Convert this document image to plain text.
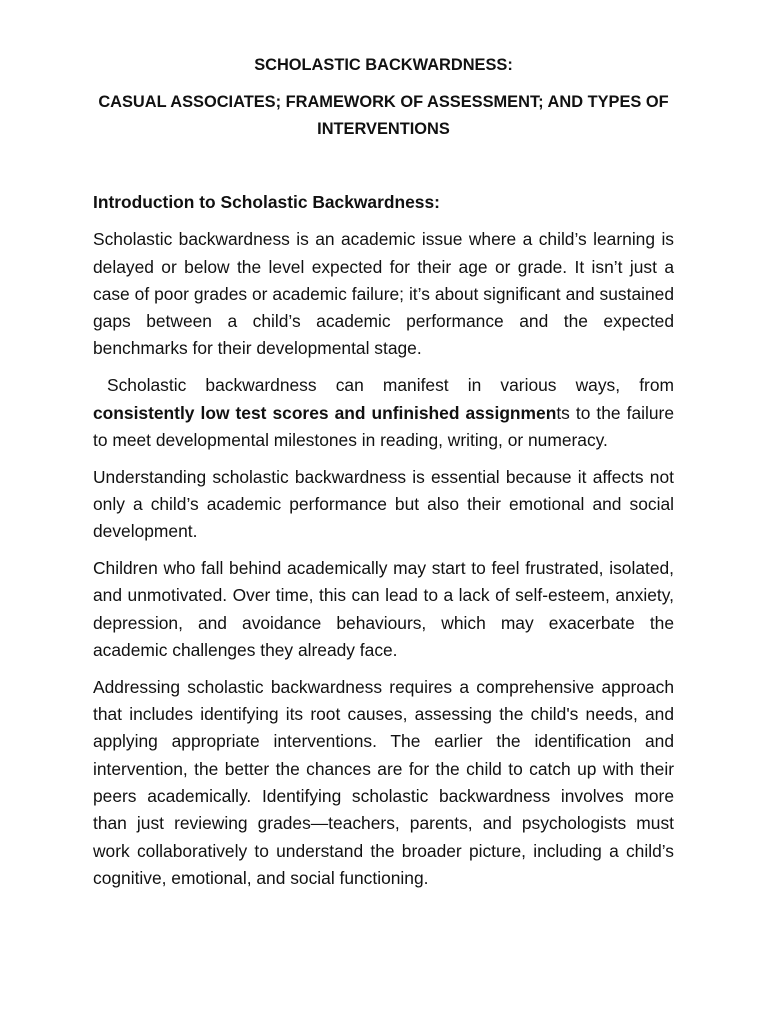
SCHOLASTIC BACKWARDNESS:
CASUAL ASSOCIATES; FRAMEWORK OF ASSESSMENT; AND TYPES OF INTERVENTIONS
Introduction to Scholastic Backwardness:

Scholastic backwardness is an academic issue where a child’s learning is delayed or below the level expected for their age or grade. It isn’t just a case of poor grades or academic failure; it’s about significant and sustained gaps between a child’s academic performance and the expected benchmarks for their developmental stage.

Scholastic backwardness can manifest in various ways, from consistently low test scores and unfinished assignments to the failure to meet developmental milestones in reading, writing, or numeracy.

Understanding scholastic backwardness is essential because it affects not only a child’s academic performance but also their emotional and social development.

Children who fall behind academically may start to feel frustrated, isolated, and unmotivated. Over time, this can lead to a lack of self-esteem, anxiety, depression, and avoidance behaviours, which may exacerbate the academic challenges they already face.

Addressing scholastic backwardness requires a comprehensive approach that includes identifying its root causes, assessing the child's needs, and applying appropriate interventions. The earlier the identification and intervention, the better the chances are for the child to catch up with their peers academically. Identifying scholastic backwardness involves more than just reviewing grades—teachers, parents, and psychologists must work collaboratively to understand the broader picture, including a child’s cognitive, emotional, and social functioning.
